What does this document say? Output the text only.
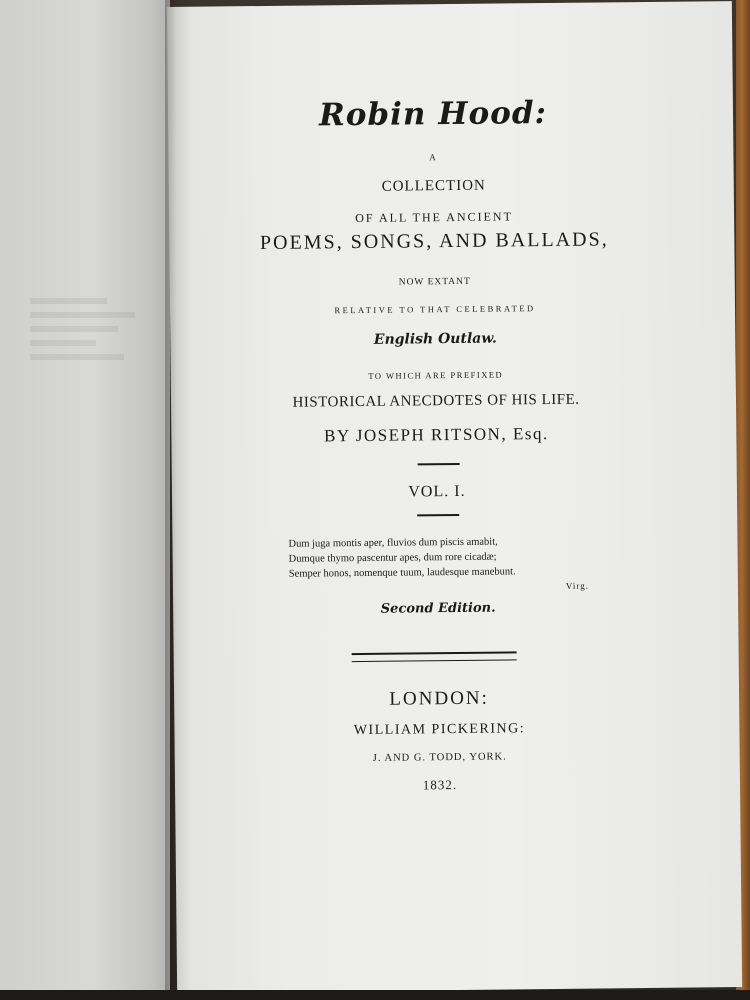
Robin Hood:
A
COLLECTION
OF ALL THE ANCIENT
POEMS, SONGS, AND BALLADS,
NOW EXTANT
RELATIVE TO THAT CELEBRATED
English Outlaw.
TO WHICH ARE PREFIXED
HISTORICAL ANECDOTES OF HIS LIFE.
BY JOSEPH RITSON, Esq.
VOL. I.
Dum juga montis aper, fluvios dum piscis amabit,
Dumque thymo pascentur apes, dum rore cicadæ;
Semper honos, nomenque tuum, laudesque manebunt.
Virg.
Second Edition.
LONDON:
WILLIAM PICKERING:
J. AND G. TODD, YORK.
1832.
